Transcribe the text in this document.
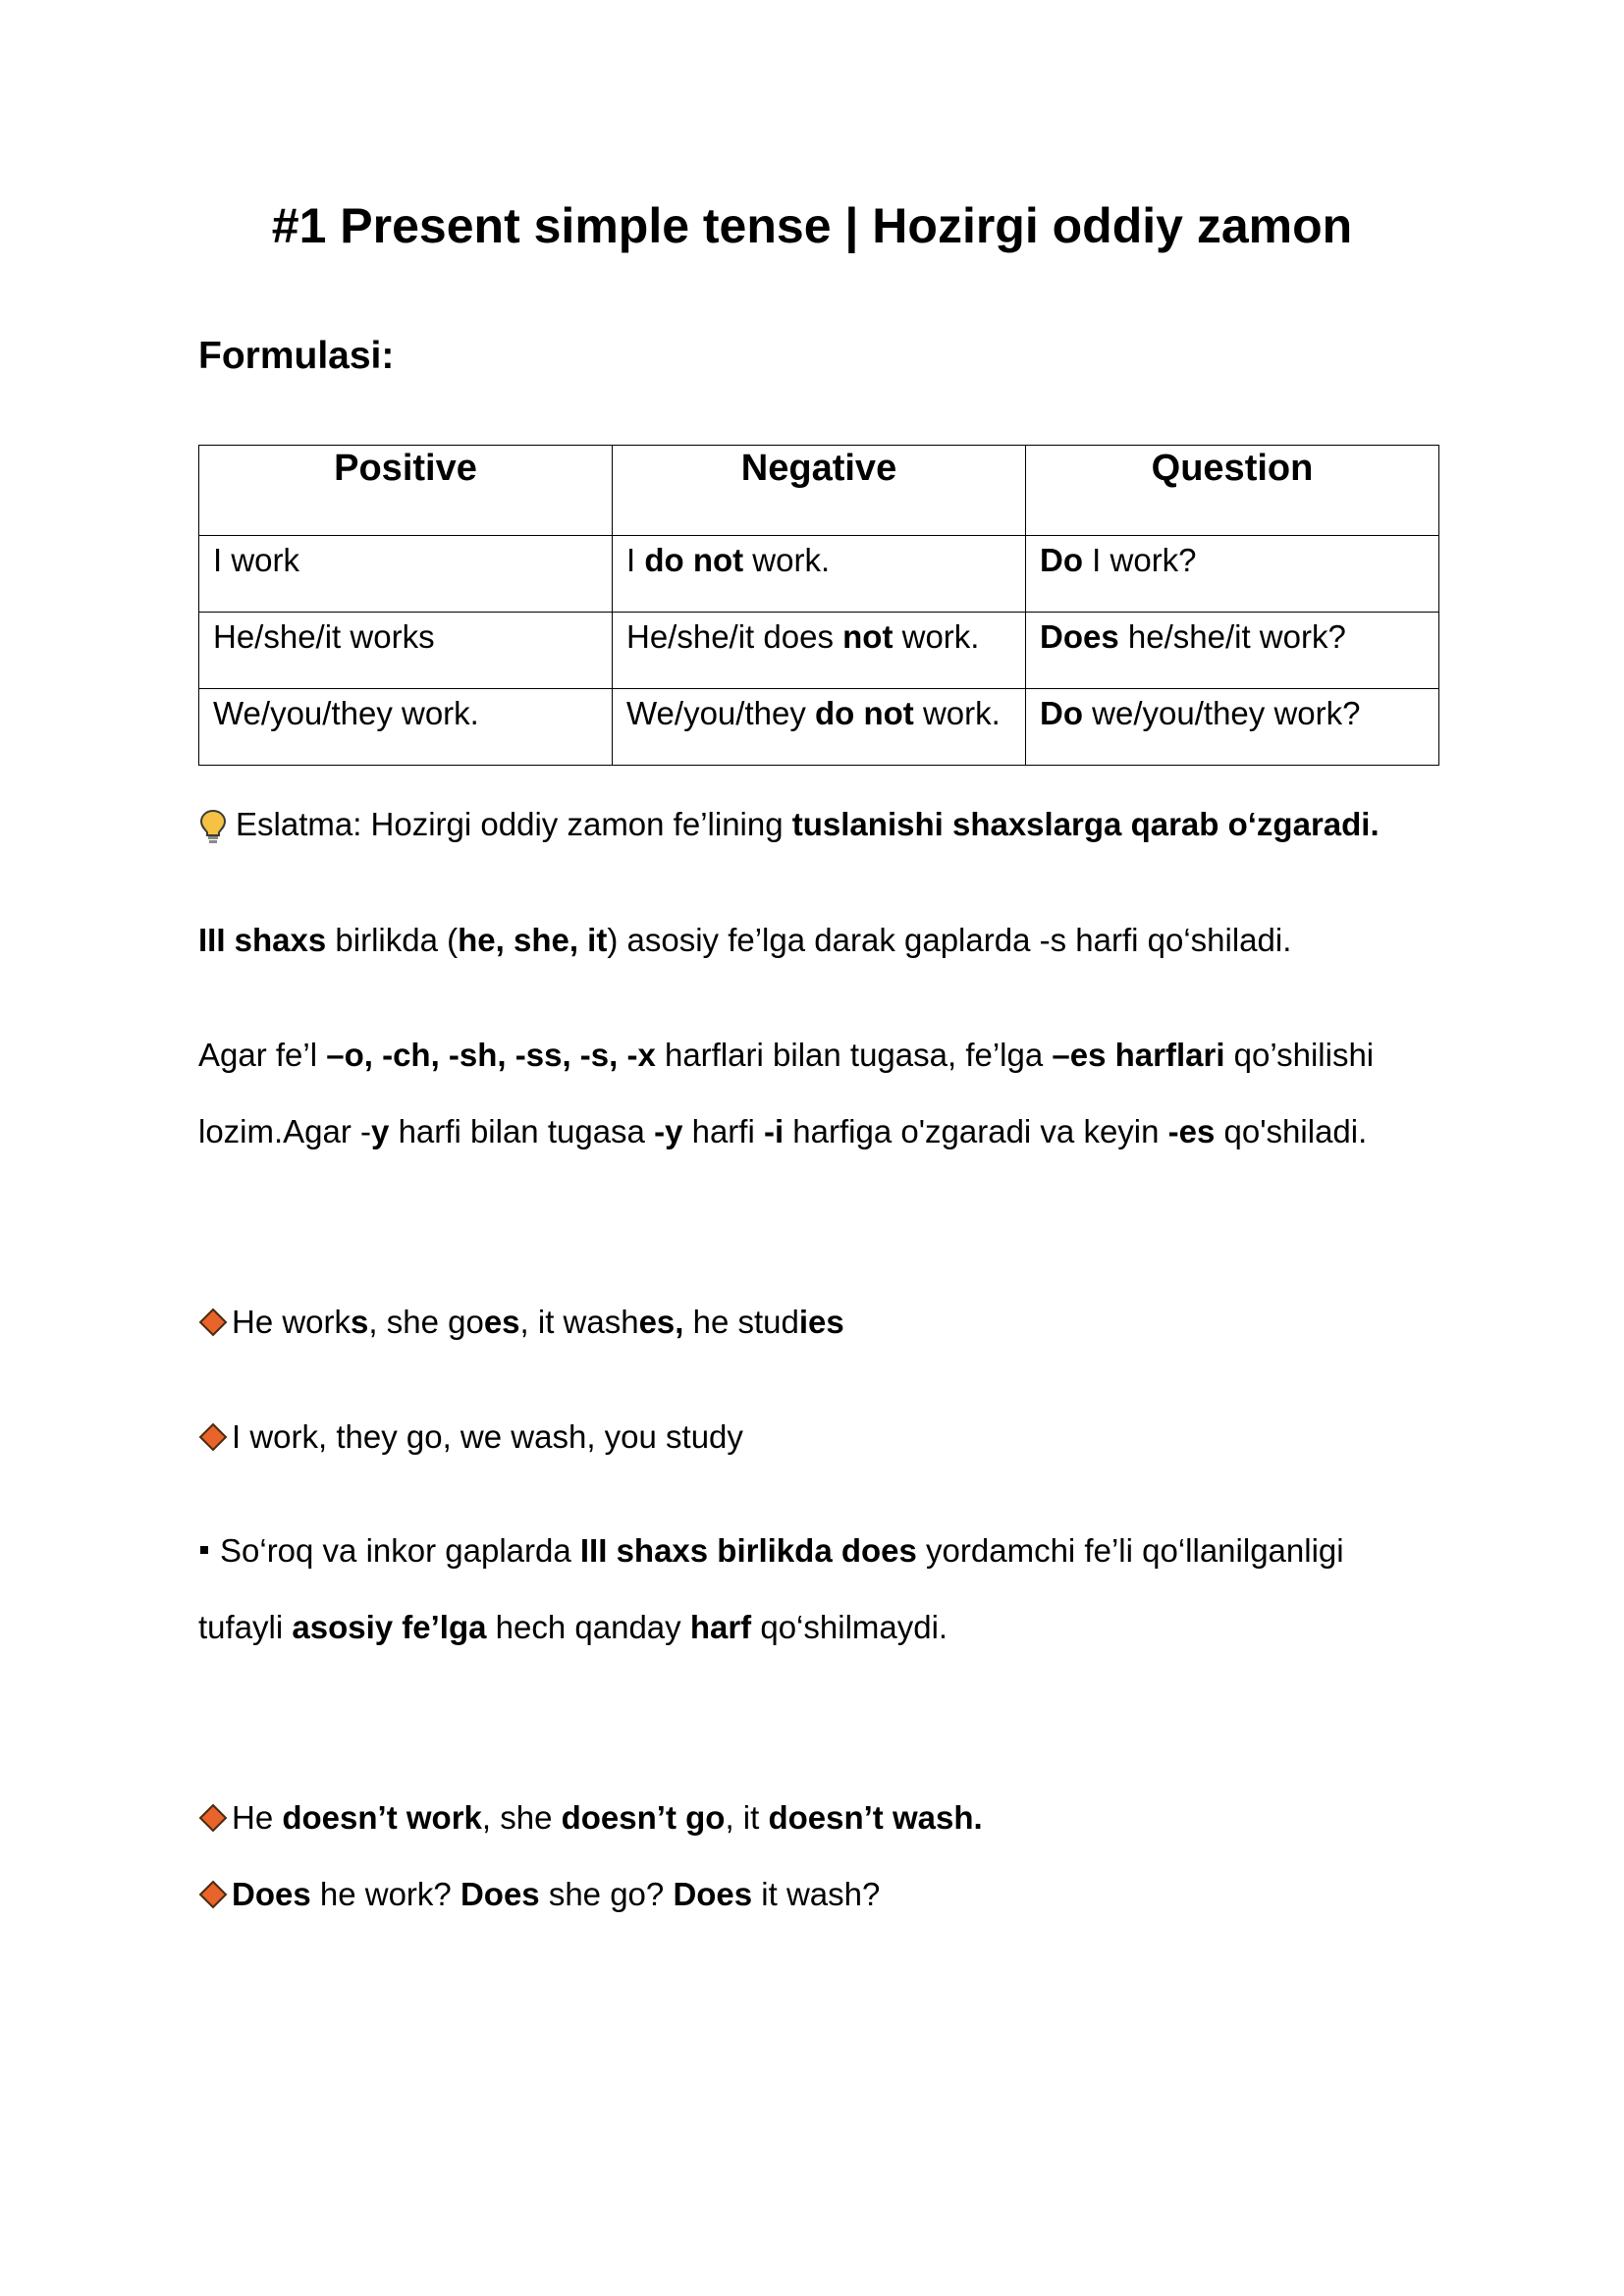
#1 Present simple tense | Hozirgi oddiy zamon

Formulasi:

Positive	Negative	Question
I work	I do not work.	Do I work?
He/she/it works	He/she/it does not work.	Does he/she/it work?
We/you/they work.	We/you/they do not work.	Do we/you/they work?

Eslatma: Hozirgi oddiy zamon fe’lining tuslanishi shaxslarga qarab o‘zgaradi.

III shaxs birlikda (he, she, it) asosiy fe’lga darak gaplarda -s harfi qo‘shiladi.

Agar fe’l –o, -ch, -sh, -ss, -s, -x harflari bilan tugasa, fe’lga –es harflari qo’shilishi

lozim.Agar -y harfi bilan tugasa -y harfi -i harfiga o'zgaradi va keyin -es qo'shiladi.

He works, she goes, it washes, he studies

I work, they go, we wash, you study

So‘roq va inkor gaplarda III shaxs birlikda does yordamchi fe’li qo‘llanilganligi

tufayli asosiy fe’lga hech qanday harf qo‘shilmaydi.

He doesn’t work, she doesn’t go, it doesn’t wash.

Does he work? Does she go? Does it wash?
